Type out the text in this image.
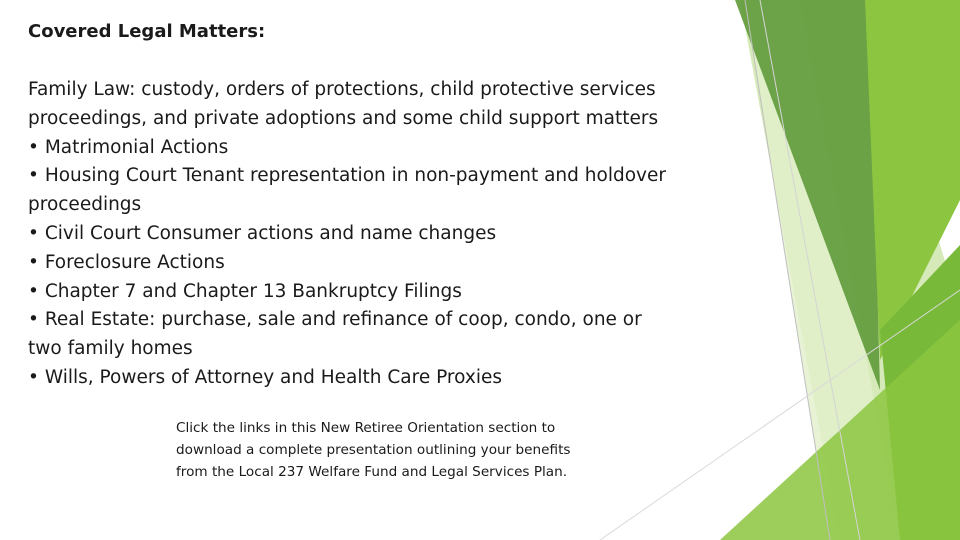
Covered Legal Matters:

Family Law: custody, orders of protections, child protective services

proceedings, and private adoptions and some child support matters

• Matrimonial Actions
• Housing Court Tenant representation in non-payment and holdover
proceedings
• Civil Court Consumer actions and name changes
• Foreclosure Actions
• Chapter 7 and Chapter 13 Bankruptcy Filings
• Real Estate: purchase, sale and refinance of coop, condo, one or
two family homes
• Wills, Powers of Attorney and Health Care Proxies

Click the links in this New Retiree Orientation section to

download a complete presentation outlining your benefits

from the Local 237 Welfare Fund and Legal Services Plan.
